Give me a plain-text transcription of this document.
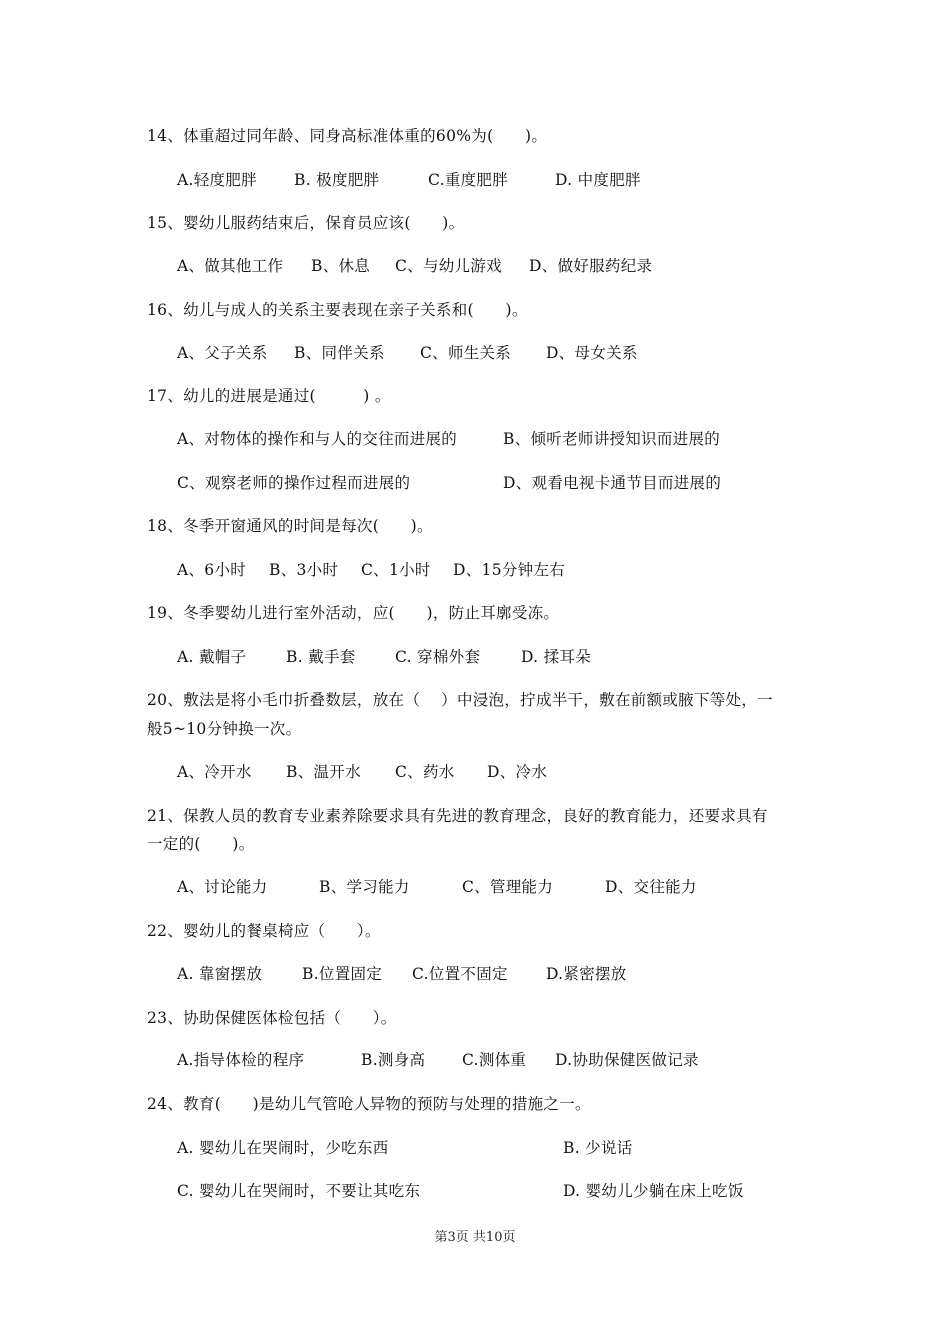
14、体重超过同年龄、同身高标准体重的60%为(　　)。
A.轻度肥胖 B. 极度肥胖	C.重度肥胖	D. 中度肥胖
15、婴幼儿服药结束后，保育员应该(　　)。
A、做其他工作 B、休息 C、与幼儿游戏 D、做好服药纪录
16、幼儿与成人的关系主要表现在亲子关系和(　　)。
A、父子关系 B、同伴关系 C、师生关系 D、母女关系
17、幼儿的进展是通过(　　　) 。
A、对物体的操作和与人的交往而进展的	B、倾听老师讲授知识而进展的
C、观察老师的操作过程而进展的	D、观看电视卡通节目而进展的
18、冬季开窗通风的时间是每次(　　)。
A、6小时 B、3小时 C、1小时 D、15分钟左右
19、冬季婴幼儿进行室外活动，应(　　)，防止耳廓受冻。
A. 戴帽子	B. 戴手套	C. 穿棉外套	D. 揉耳朵
20、敷法是将小毛巾折叠数层，放在（　 ）中浸泡，拧成半干，敷在前额或腋下等处，一
般5~10分钟换一次。
A、冷开水 B、温开水 C、药水 D、冷水
21、保教人员的教育专业素养除要求具有先进的教育理念，良好的教育能力，还要求具有
一定的(　　)。
A、讨论能力	B、学习能力	C、管理能力	D、交往能力
22、婴幼儿的餐桌椅应（　　）。
A. 靠窗摆放	B.位置固定 C.位置不固定 D.紧密摆放
23、协助保健医体检包括（　　）。
A.指导体检的程序	B.测身高 C.测体重 D.协助保健医做记录
24、教育(　　)是幼儿气管呛人异物的预防与处理的措施之一。
A. 婴幼儿在哭闹时，少吃东西	B. 少说话
C. 婴幼儿在哭闹时，不要让其吃东	D. 婴幼儿少躺在床上吃饭
第3页 共10页
